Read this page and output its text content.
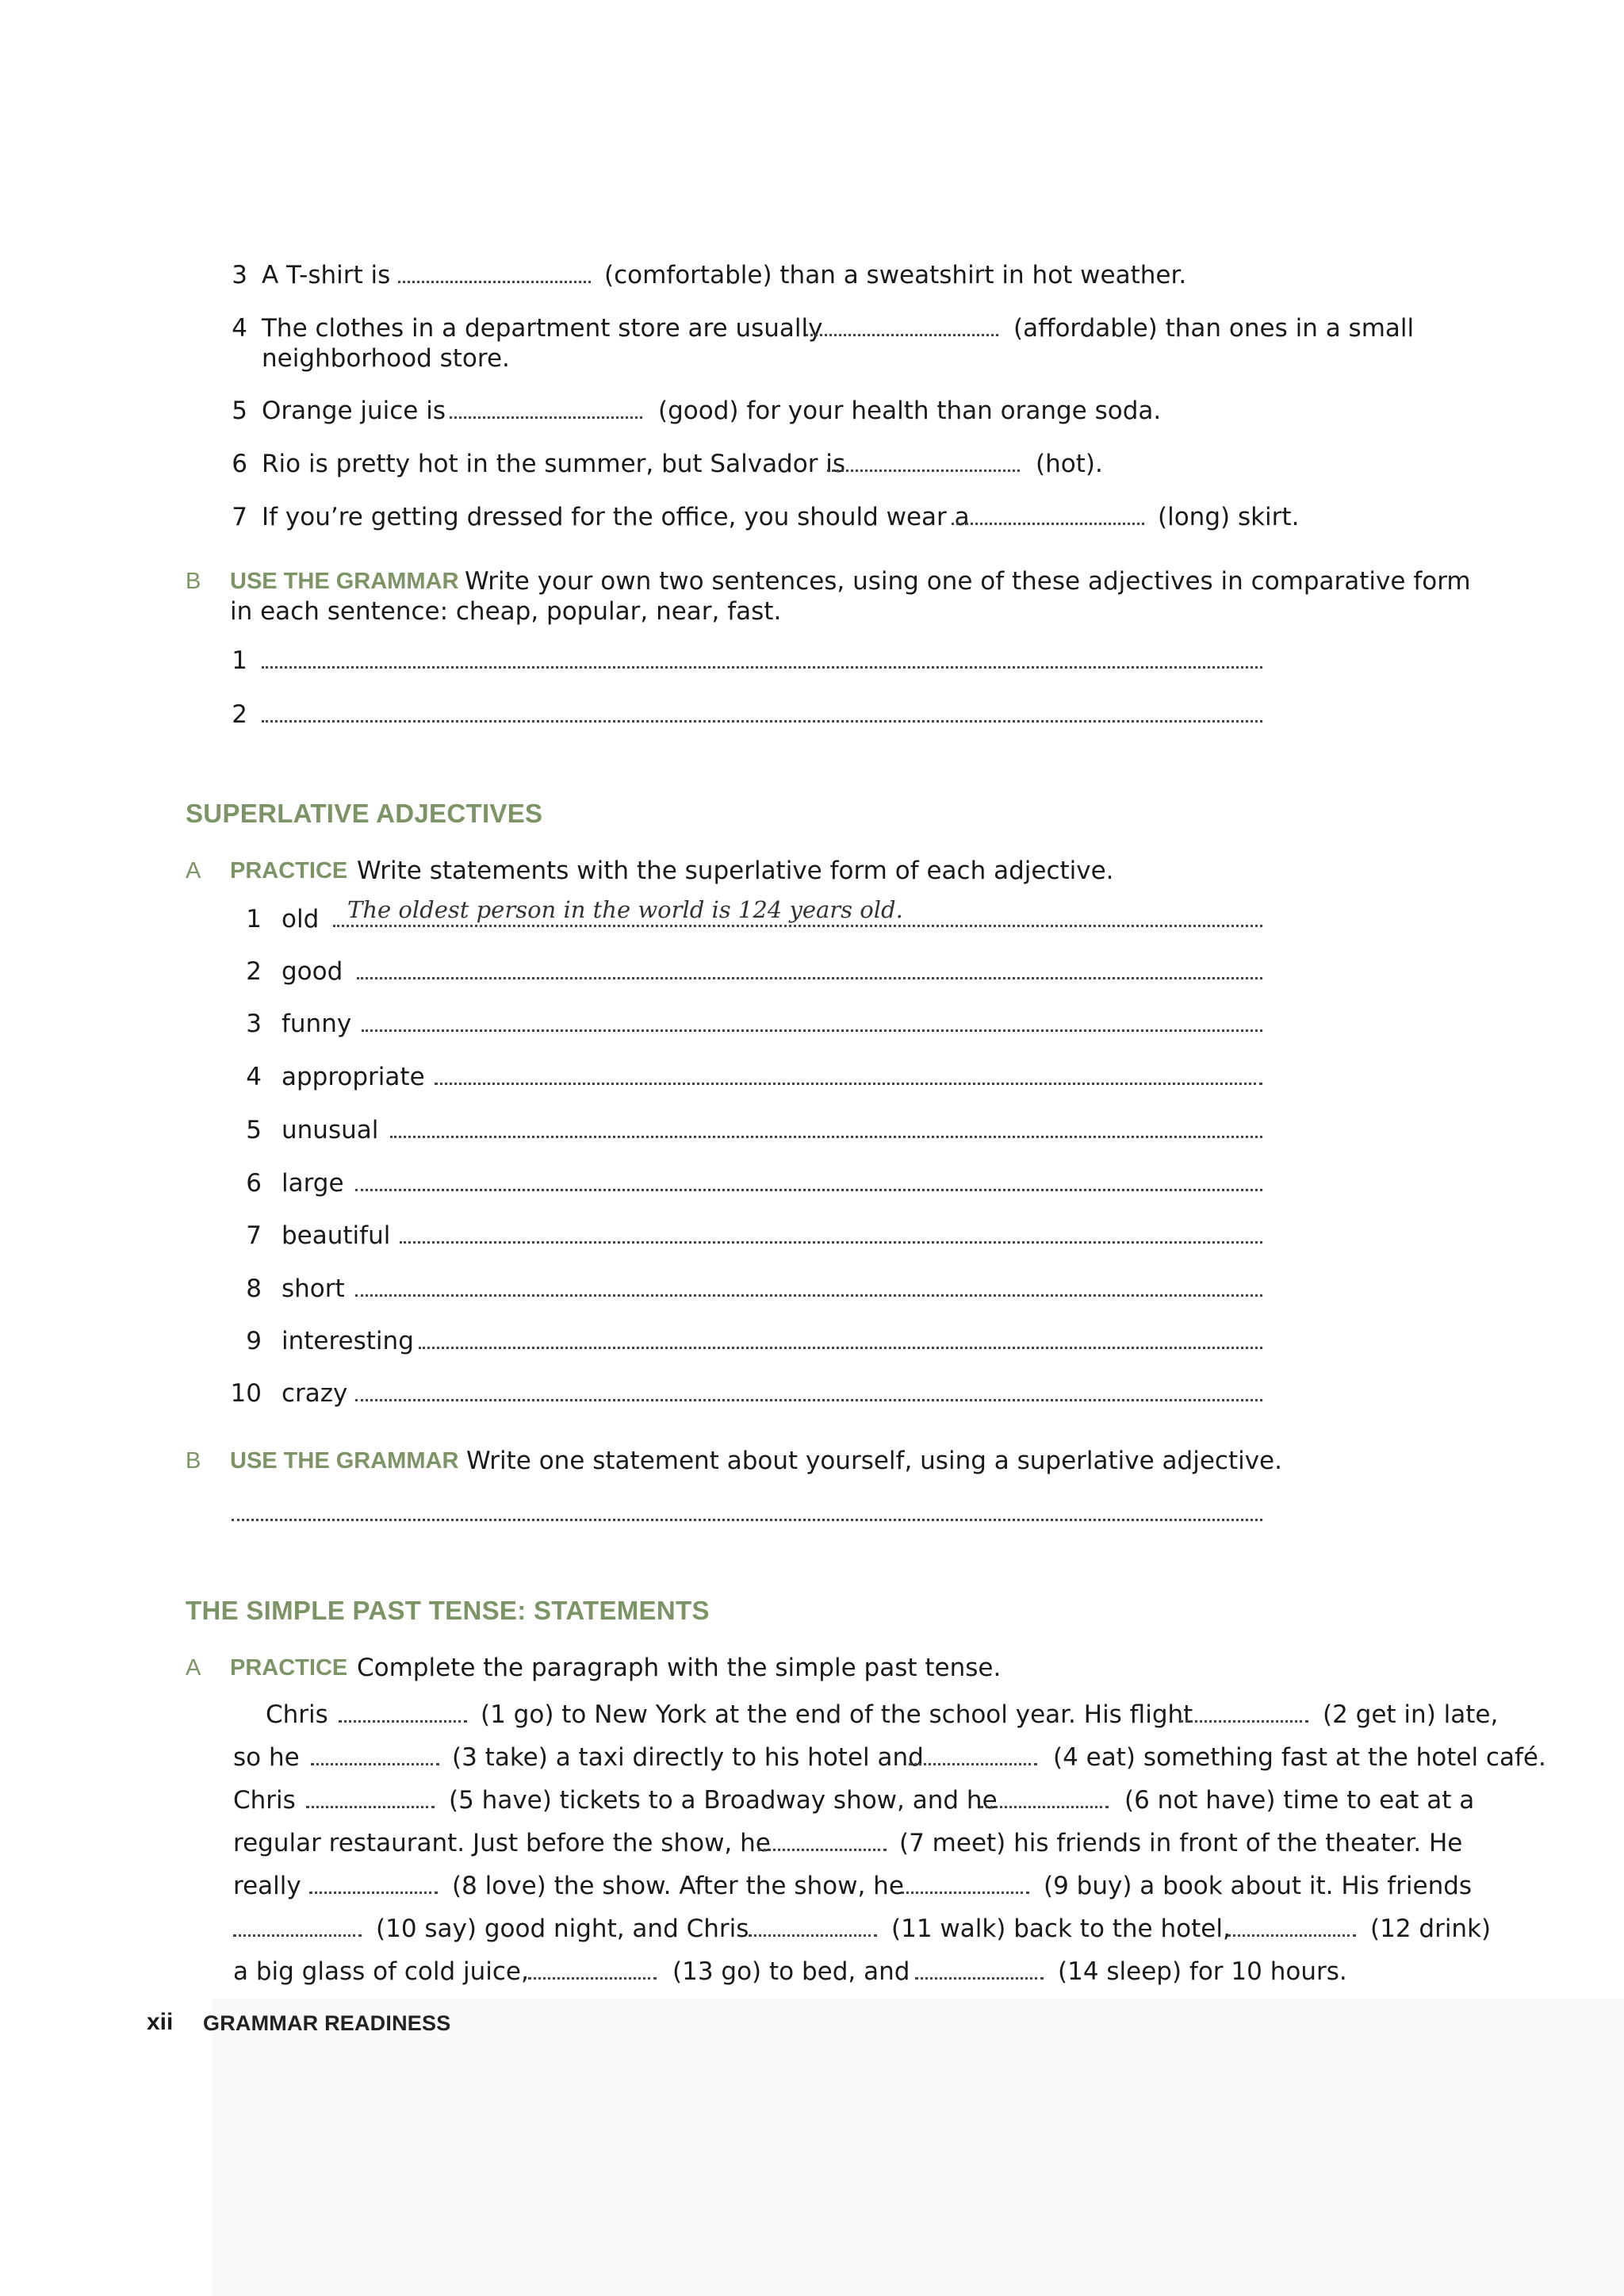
3 A T-shirt is	(comfortable) than a sweatshirt in hot weather.
4 The clothes in a department store are usually	(affordable) than ones in a small
neighborhood store.
5 Orange juice is	(good) for your health than orange soda.
6 Rio is pretty hot in the summer, but Salvador is	(hot).
7 If you’re getting dressed for the office, you should wear a	(long) skirt.
B USE THE GRAMMAR Write your own two sentences, using one of these adjectives in comparative form
in each sentence: cheap, popular, near, fast.
1
2
SUPERLATIVE ADJECTIVES
A PRACTICE Write statements with the superlative form of each adjective.
1 old The oldest person in the world is 124 years old.
2 good
3 funny
4 appropriate
5 unusual
6 large
7 beautiful
8 short
9 interesting
10 crazy
B USE THE GRAMMAR Write one statement about yourself, using a superlative adjective.
THE SIMPLE PAST TENSE: STATEMENTS
A PRACTICE Complete the paragraph with the simple past tense.
Chris	(1 go) to New York at the end of the school year. His flight	(2 get in) late,
so he	(3 take) a taxi directly to his hotel and	(4 eat) something fast at the hotel café.
Chris	(5 have) tickets to a Broadway show, and he	(6 not have) time to eat at a
regular restaurant. Just before the show, he	(7 meet) his friends in front of the theater. He
really	(8 love) the show. After the show, he	(9 buy) a book about it. His friends
(10 say) good night, and Chris	(11 walk) back to the hotel,	(12 drink)
a big glass of cold juice,	(13 go) to bed, and	(14 sleep) for 10 hours.
xii GRAMMAR READINESS
